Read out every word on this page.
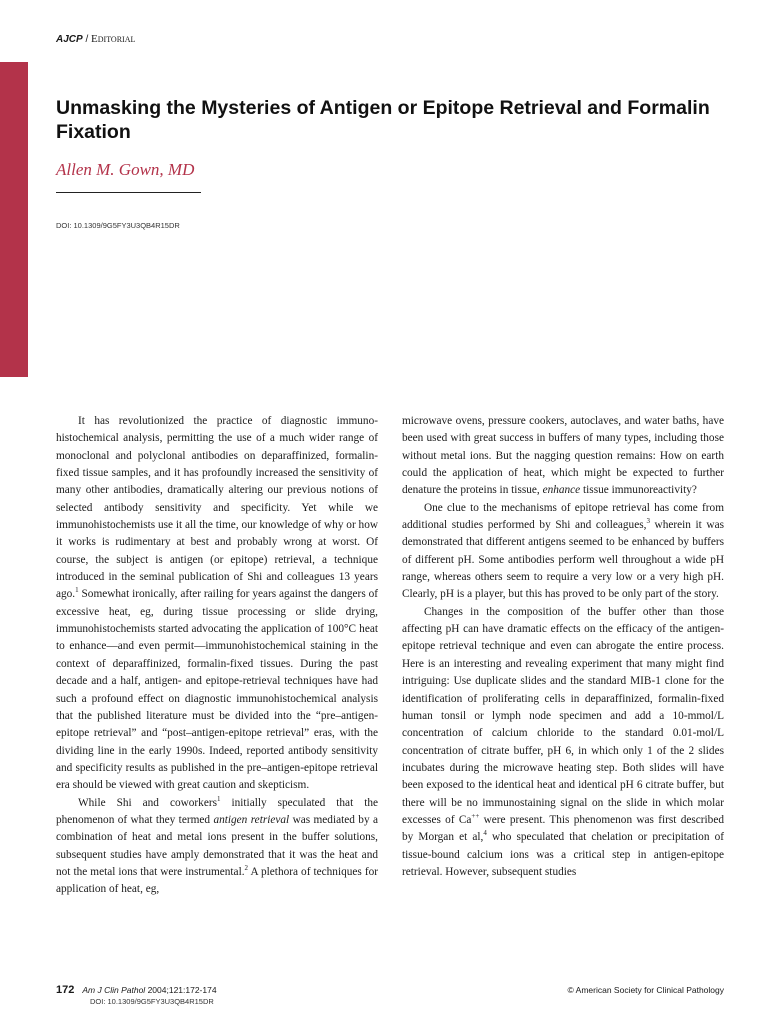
AJCP / Editorial
Unmasking the Mysteries of Antigen or Epitope Retrieval and Formalin Fixation
Allen M. Gown, MD
DOI: 10.1309/9G5FY3U3QB4R15DR

It has revolutionized the practice of diagnostic immunohistochemical analysis, permitting the use of a much wider range of monoclonal and polyclonal antibodies on deparaffinized, formalin-fixed tissue samples, and it has profoundly increased the sensitivity of many other antibodies, dramatically altering our previous notions of selected antibody sensitivity and specificity. Yet while we immunohistochemists use it all the time, our knowledge of why or how it works is rudimentary at best and probably wrong at worst. Of course, the subject is antigen (or epitope) retrieval, a technique introduced in the seminal publication of Shi and colleagues 13 years ago.$^1$ Somewhat ironically, after railing for years against the dangers of excessive heat, eg, during tissue processing or slide drying, immunohistochemists started advocating the application of 100°C heat to enhance—and even permit—immunohistochemical staining in the context of deparaffinized, formalin-fixed tissues. During the past decade and a half, antigen- and epitope-retrieval techniques have had such a profound effect on diagnostic immunohistochemical analysis that the published literature must be divided into the “pre–antigen-epitope retrieval” and “post–antigen-epitope retrieval” eras, with the dividing line in the early 1990s. Indeed, reported antibody sensitivity and specificity results as published in the pre–antigen-epitope retrieval era should be viewed with great caution and skepticism.

While Shi and coworkers$^1$ initially speculated that the phenomenon of what they termed antigen retrieval was mediated by a combination of heat and metal ions present in the buffer solutions, subsequent studies have amply demonstrated that it was the heat and not the metal ions that were instrumental.$^2$ A plethora of techniques for application of heat, eg,

microwave ovens, pressure cookers, autoclaves, and water baths, have been used with great success in buffers of many types, including those without metal ions. But the nagging question remains: How on earth could the application of heat, which might be expected to further denature the proteins in tissue, enhance tissue immunoreactivity?

One clue to the mechanisms of epitope retrieval has come from additional studies performed by Shi and colleagues,$^3$ wherein it was demonstrated that different antigens seemed to be enhanced by buffers of different pH. Some antibodies perform well throughout a wide pH range, whereas others seem to require a very low or a very high pH. Clearly, pH is a player, but this has proved to be only part of the story.

Changes in the composition of the buffer other than those affecting pH can have dramatic effects on the efficacy of the antigen-epitope retrieval technique and even can abrogate the entire process. Here is an interesting and revealing experiment that many might find intriguing: Use duplicate slides and the standard MIB-1 clone for the identification of proliferating cells in deparaffinized, formalin-fixed human tonsil or lymph node specimen and add a 10-mmol/L concentration of calcium chloride to the standard 0.01-mol/L concentration of citrate buffer, pH 6, in which only 1 of the 2 slides incubates during the microwave heating step. Both slides will have been exposed to the identical heat and identical pH 6 citrate buffer, but there will be no immunostaining signal on the slide in which molar excesses of Ca++ were present. This phenomenon was first described by Morgan et al,$^4$ who speculated that chelation or precipitation of tissue-bound calcium ions was a critical step in antigen-epitope retrieval. However, subsequent studies

172 Am J Clin Pathol 2004;121:172-174
DOI: 10.1309/9G5FY3U3QB4R15DR
© American Society for Clinical Pathology
